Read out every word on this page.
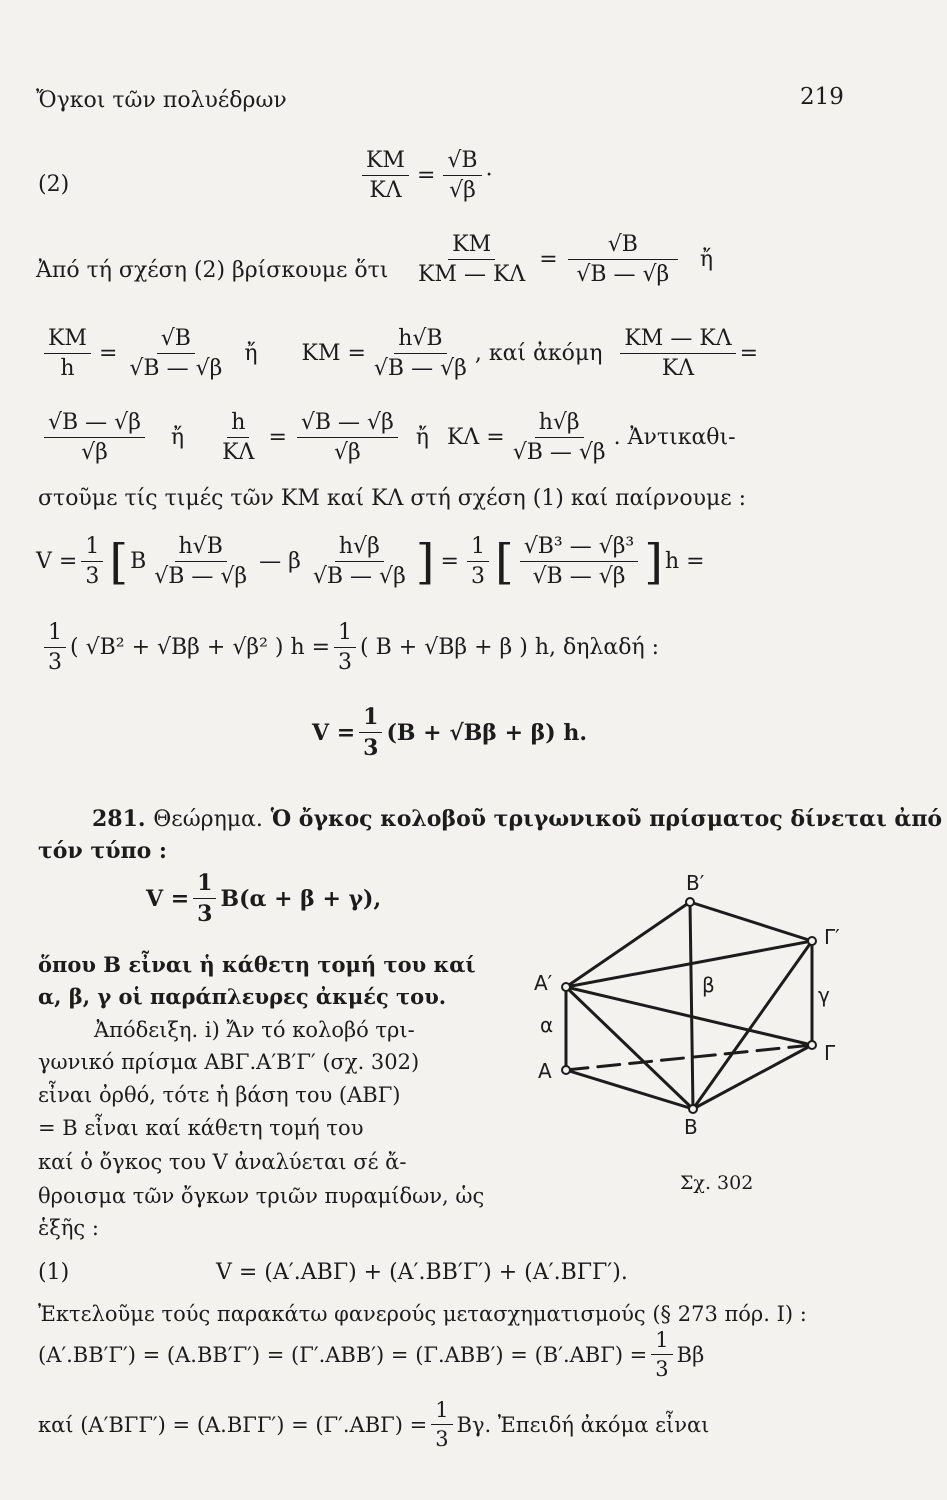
Ὄγκοι τῶν πολυέδρων	219
(2)	$\frac{KM}{K\Lambda} = \frac{√B}{√\beta}$ ·
Ἀπό τή σχέση (2) βρίσκουμε ὅτι $\frac{KM}{KM — K\Lambda} = \frac{√B}{√B — √\beta}$ ἤ
$\frac{KM}{h} = \frac{√B}{√B — √\beta}$ ἤ $KM = \frac{h√B}{√B — √\beta}$ , καί ἀκόμη $\frac{KM — K\Lambda}{K\Lambda}$ =
$\frac{√B — √\beta}{√\beta}$ ἤ $\frac{h}{K\Lambda} = \frac{√B — √\beta}{√\beta}$ ἤ $K\Lambda = \frac{h√\beta}{√B — √\beta}$ . Ἀντικαθι-
στοῦμε τίς τιμές τῶν ΚΜ καί ΚΛ στή σχέση (1) καί παίρνουμε :
$V = \frac{1}{3}$ [ Β $\frac{h√B}{√B — √\beta}$ — β $\frac{h√\beta}{√B — √\beta}$ ] = $\frac{1}{3}$ [ $\frac{\text{√Β³ — √β³}}{√B — √\beta}$ ] h =
$\frac{1}{3}$ ( √Β² + √Ββ + √β² ) $h = \frac{1}{3}$ ( Β + √Ββ + β ) h, δηλαδή :
$V = \frac{1}{3} (B + √B\beta + \beta)$ h.
281. Θεώρημα. Ὁ ὄγκος κολοβοῦ τριγωνικοῦ πρίσματος δίνεται ἀπό
τόν τύπο :
$V = \frac{1}{3} B(\alpha + \beta + \gamma)$,
ὅπου Β εἶναι ἡ κάθετη τομή του καί
α, β, γ οἱ παράπλευρες ἀκμές του.
Ἀπόδειξη. i) Ἄν τό κολοβό τρι-
γωνικό πρίσμα ΑΒΓ.Α′Β′Γ′ (σχ. 302)
εἶναι ὀρθό, τότε ἡ βάση του (ΑΒΓ)
= Β εἶναι καί κάθετη τομή του
καί ὁ ὄγκος του V ἀναλύεται σέ ἄ-
θροισμα τῶν ὄγκων τριῶν πυραμίδων, ὡς
ἑξῆς :
Β′
Γ′
Α′
Α
Β
Γ
α
β	γ
Σχ. 302
(1)	V = (Α′.ΑΒΓ) + (Α′.ΒΒ′Γ′) + (Α′.ΒΓΓ′).
Ἐκτελοῦμε τούς παρακάτω φανερούς μετασχηματισμούς (§ 273 πόρ. Ι) :
$(A'.BB'\Gamma') = (A.BB'\Gamma') = (\Gamma'.ABB') = (\Gamma.ABB') = (B'.AB\Gamma) = \frac{1}{3}$ Ββ
καί $(A'B\Gamma\Gamma') = (A.B\Gamma\Gamma') = (\Gamma'.AB\Gamma) = \frac{1}{3} B\gamma$. Ἐπειδή ἀκόμα εἶναι
